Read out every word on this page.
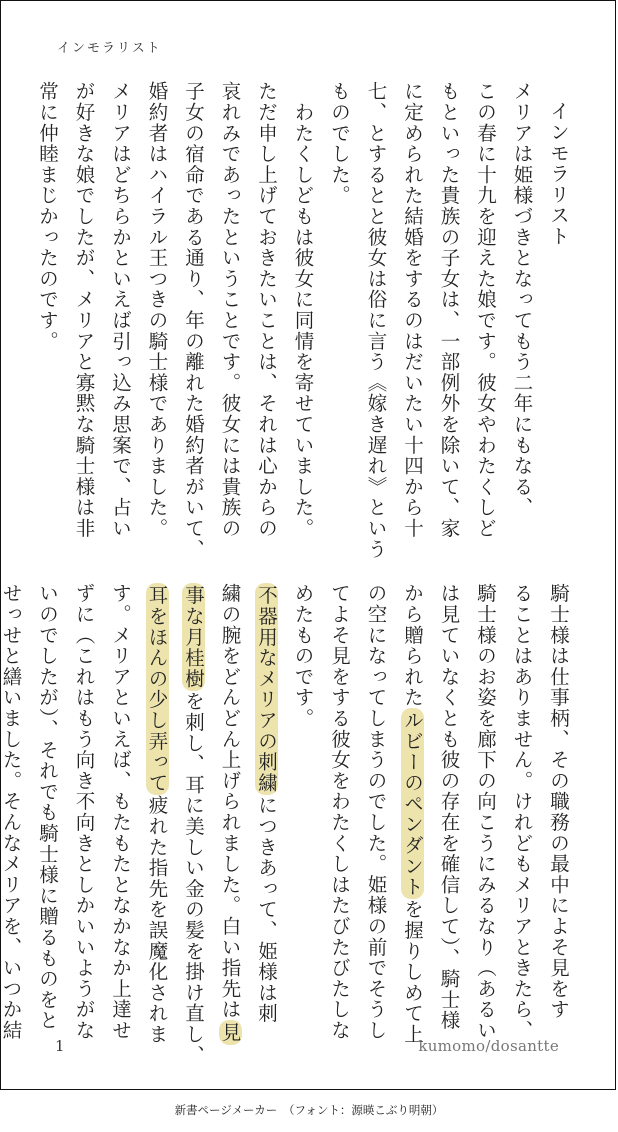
インモラリスト
インモラリスト
メリアは姫様づきとなってもう二年にもなる、
この春に十九を迎えた娘です。彼女やわたくしど
もといった貴族の子女は、一部例外を除いて、家
に定められた結婚をするのはだいたい十四から十
七、とするとと彼女は俗に言う《嫁き遅れ》という
ものでした。
　わたくしどもは彼女に同情を寄せていました。
ただ申し上げておきたいことは、それは心からの
哀れみであったということです。彼女には貴族の
子女の宿命である通り、年の離れた婚約者がいて、
婚約者はハイラル王つきの騎士様でありました。
メリアはどちらかといえば引っ込み思案で、占い
が好きな娘でしたが、メリアと寡黙な騎士様は非
常に仲睦まじかったのです。
騎士様は仕事柄、その職務の最中によそ見をす
ることはありません。けれどもメリアときたら、
騎士様のお姿を廊下の向こうにみるなり（あるい
は見ていなくとも彼の存在を確信して）、騎士様
から贈られたルビーのペンダントを握りしめて上
の空になってしまうのでした。姫様の前でそうし
てよそ見をする彼女をわたくしはたびたびたしな
めたものです。
不器用なメリアの刺繍につきあって、姫様は刺
繍の腕をどんどん上げられました。白い指先は見
事な月桂樹を刺し、耳に美しい金の髪を掛け直し、
耳をほんの少し弄って疲れた指先を誤魔化されま
す。メリアといえば、もたもたとなかなか上達せ
ずに（これはもう向き不向きとしかいいようがな
いのでしたが）、それでも騎士様に贈るものをと
せっせと繕いました。そんなメリアを、いつか結
1	kumomo/dosantte
新書ページメーカー　（フォント：源暎こぶり明朝）
